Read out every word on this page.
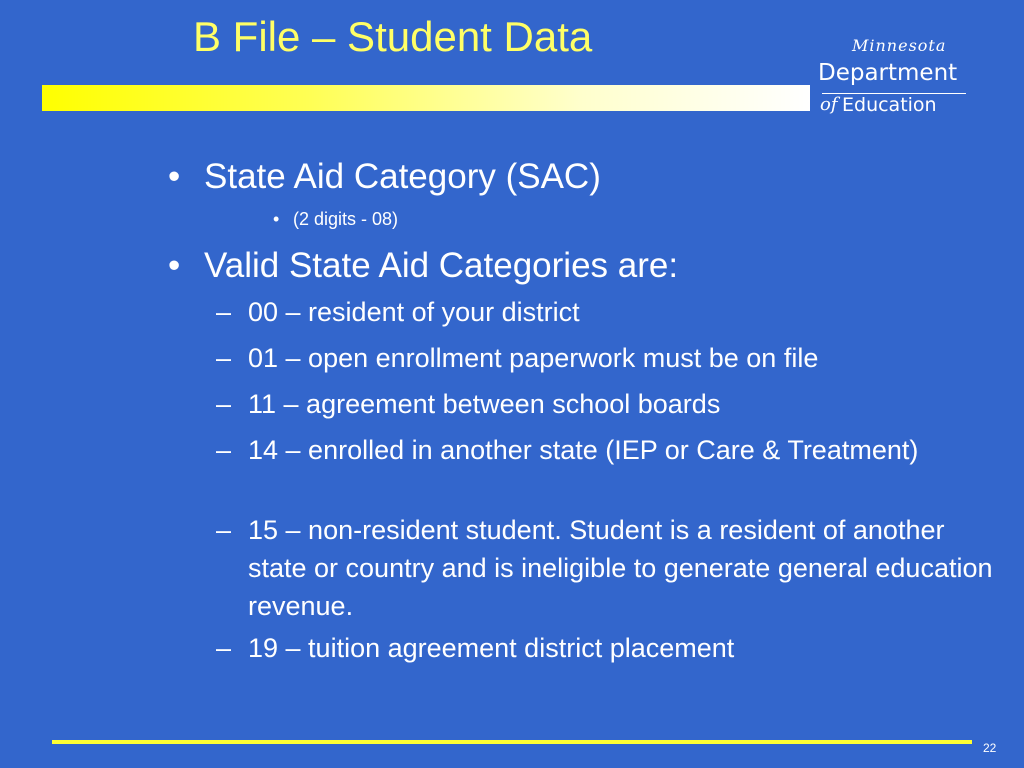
B File – Student Data	Minnesota
Department
of Education
• State Aid Category (SAC)
• (2 digits - 08)
• Valid State Aid Categories are:
– 00 – resident of your district
– 01 – open enrollment paperwork must be on file
– 11 – agreement between school boards
– 14 – enrolled in another state (IEP or Care & Treatment)
– 15 – non-resident student. Student is a resident of another state or country and is ineligible to generate general education revenue.
– 19 – tuition agreement district placement
22
